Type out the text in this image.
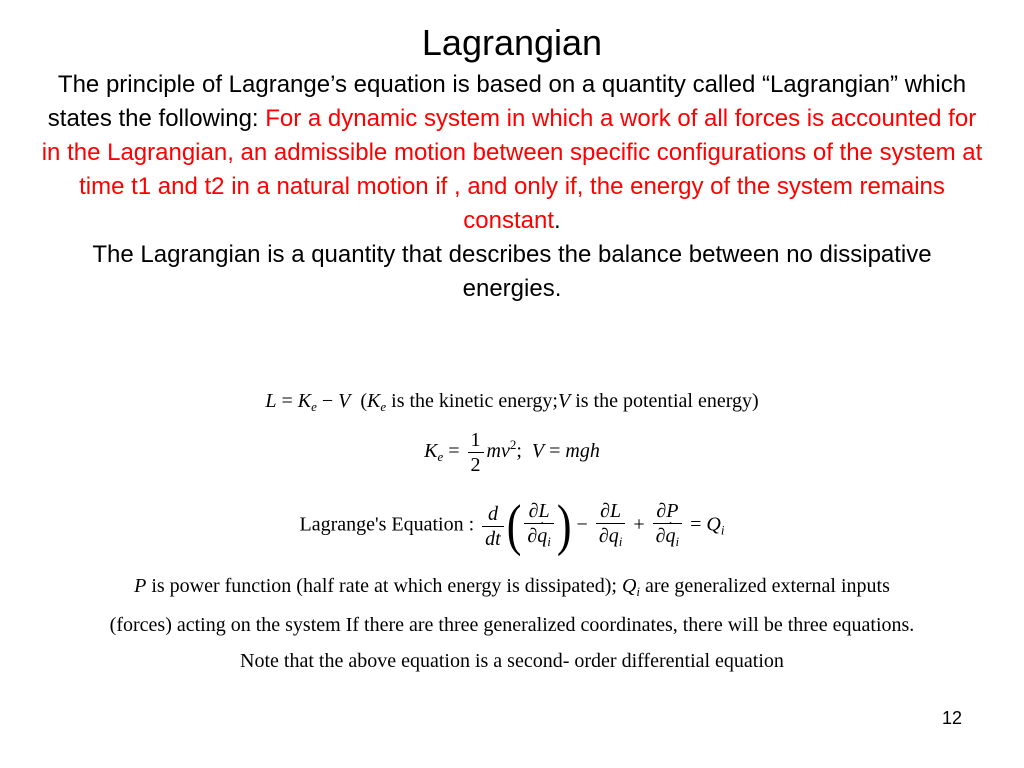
Lagrangian
The principle of Lagrange’s equation is based on a quantity called “Lagrangian” which states the following: For a dynamic system in which a work of all forces is accounted for in the Lagrangian, an admissible motion between specific configurations of the system at time t1 and t2 in a natural motion if , and only if, the energy of the system remains constant.
The Lagrangian is a quantity that describes the balance between no dissipative energies.
$L = K_e - V$  ($K_e$ is the kinetic energy;V is the potential energy)
$K_e = \frac{1}{2} mv^2$;  V = mgh
Lagrange's Equation : $\frac{d}{dt}$ ( $\frac{\partial L}{\partial˙ q_i}$ ) − $\frac{\partial L}{\partial q_i} + \frac{\partial P}{\partial˙ q_i} = Q_i$
P is power function (half rate at which energy is dissipated); $Q_i$ are generalized external inputs
(forces) acting on the system If there are three generalized coordinates, there will be three equations.
Note that the above equation is a second- order differential equation
12
